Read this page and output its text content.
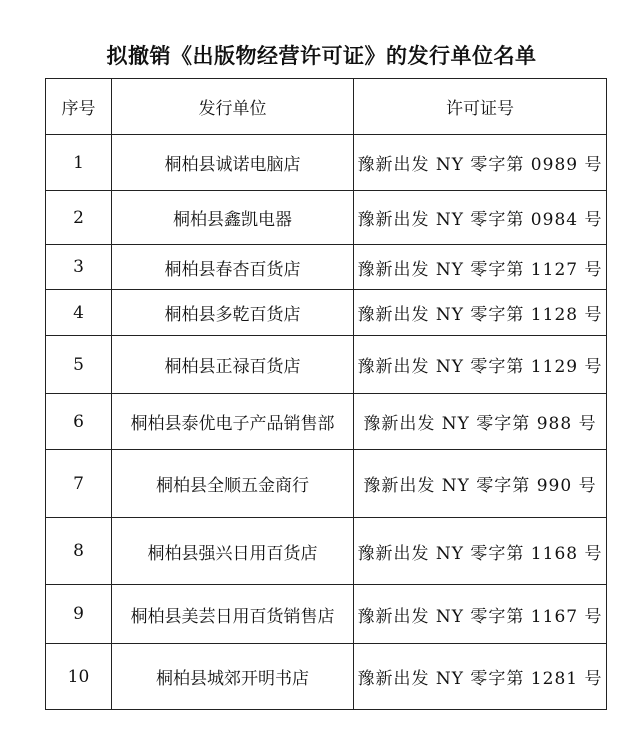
拟撤销《出版物经营许可证》的发行单位名单
序号	发行单位	许可证号
1	桐柏县诚诺电脑店	豫新出发 NY 零字第 0989 号
2	桐柏县鑫凯电器	豫新出发 NY 零字第 0984 号
3	桐柏县春杏百货店	豫新出发 NY 零字第 1127 号
4	桐柏县多乾百货店	豫新出发 NY 零字第 1128 号
5	桐柏县正禄百货店	豫新出发 NY 零字第 1129 号
6	桐柏县泰优电子产品销售部	豫新出发 NY 零字第 988 号
7	桐柏县全顺五金商行	豫新出发 NY 零字第 990 号
8	桐柏县强兴日用百货店	豫新出发 NY 零字第 1168 号
9	桐柏县美芸日用百货销售店	豫新出发 NY 零字第 1167 号
10	桐柏县城郊开明书店	豫新出发 NY 零字第 1281 号
